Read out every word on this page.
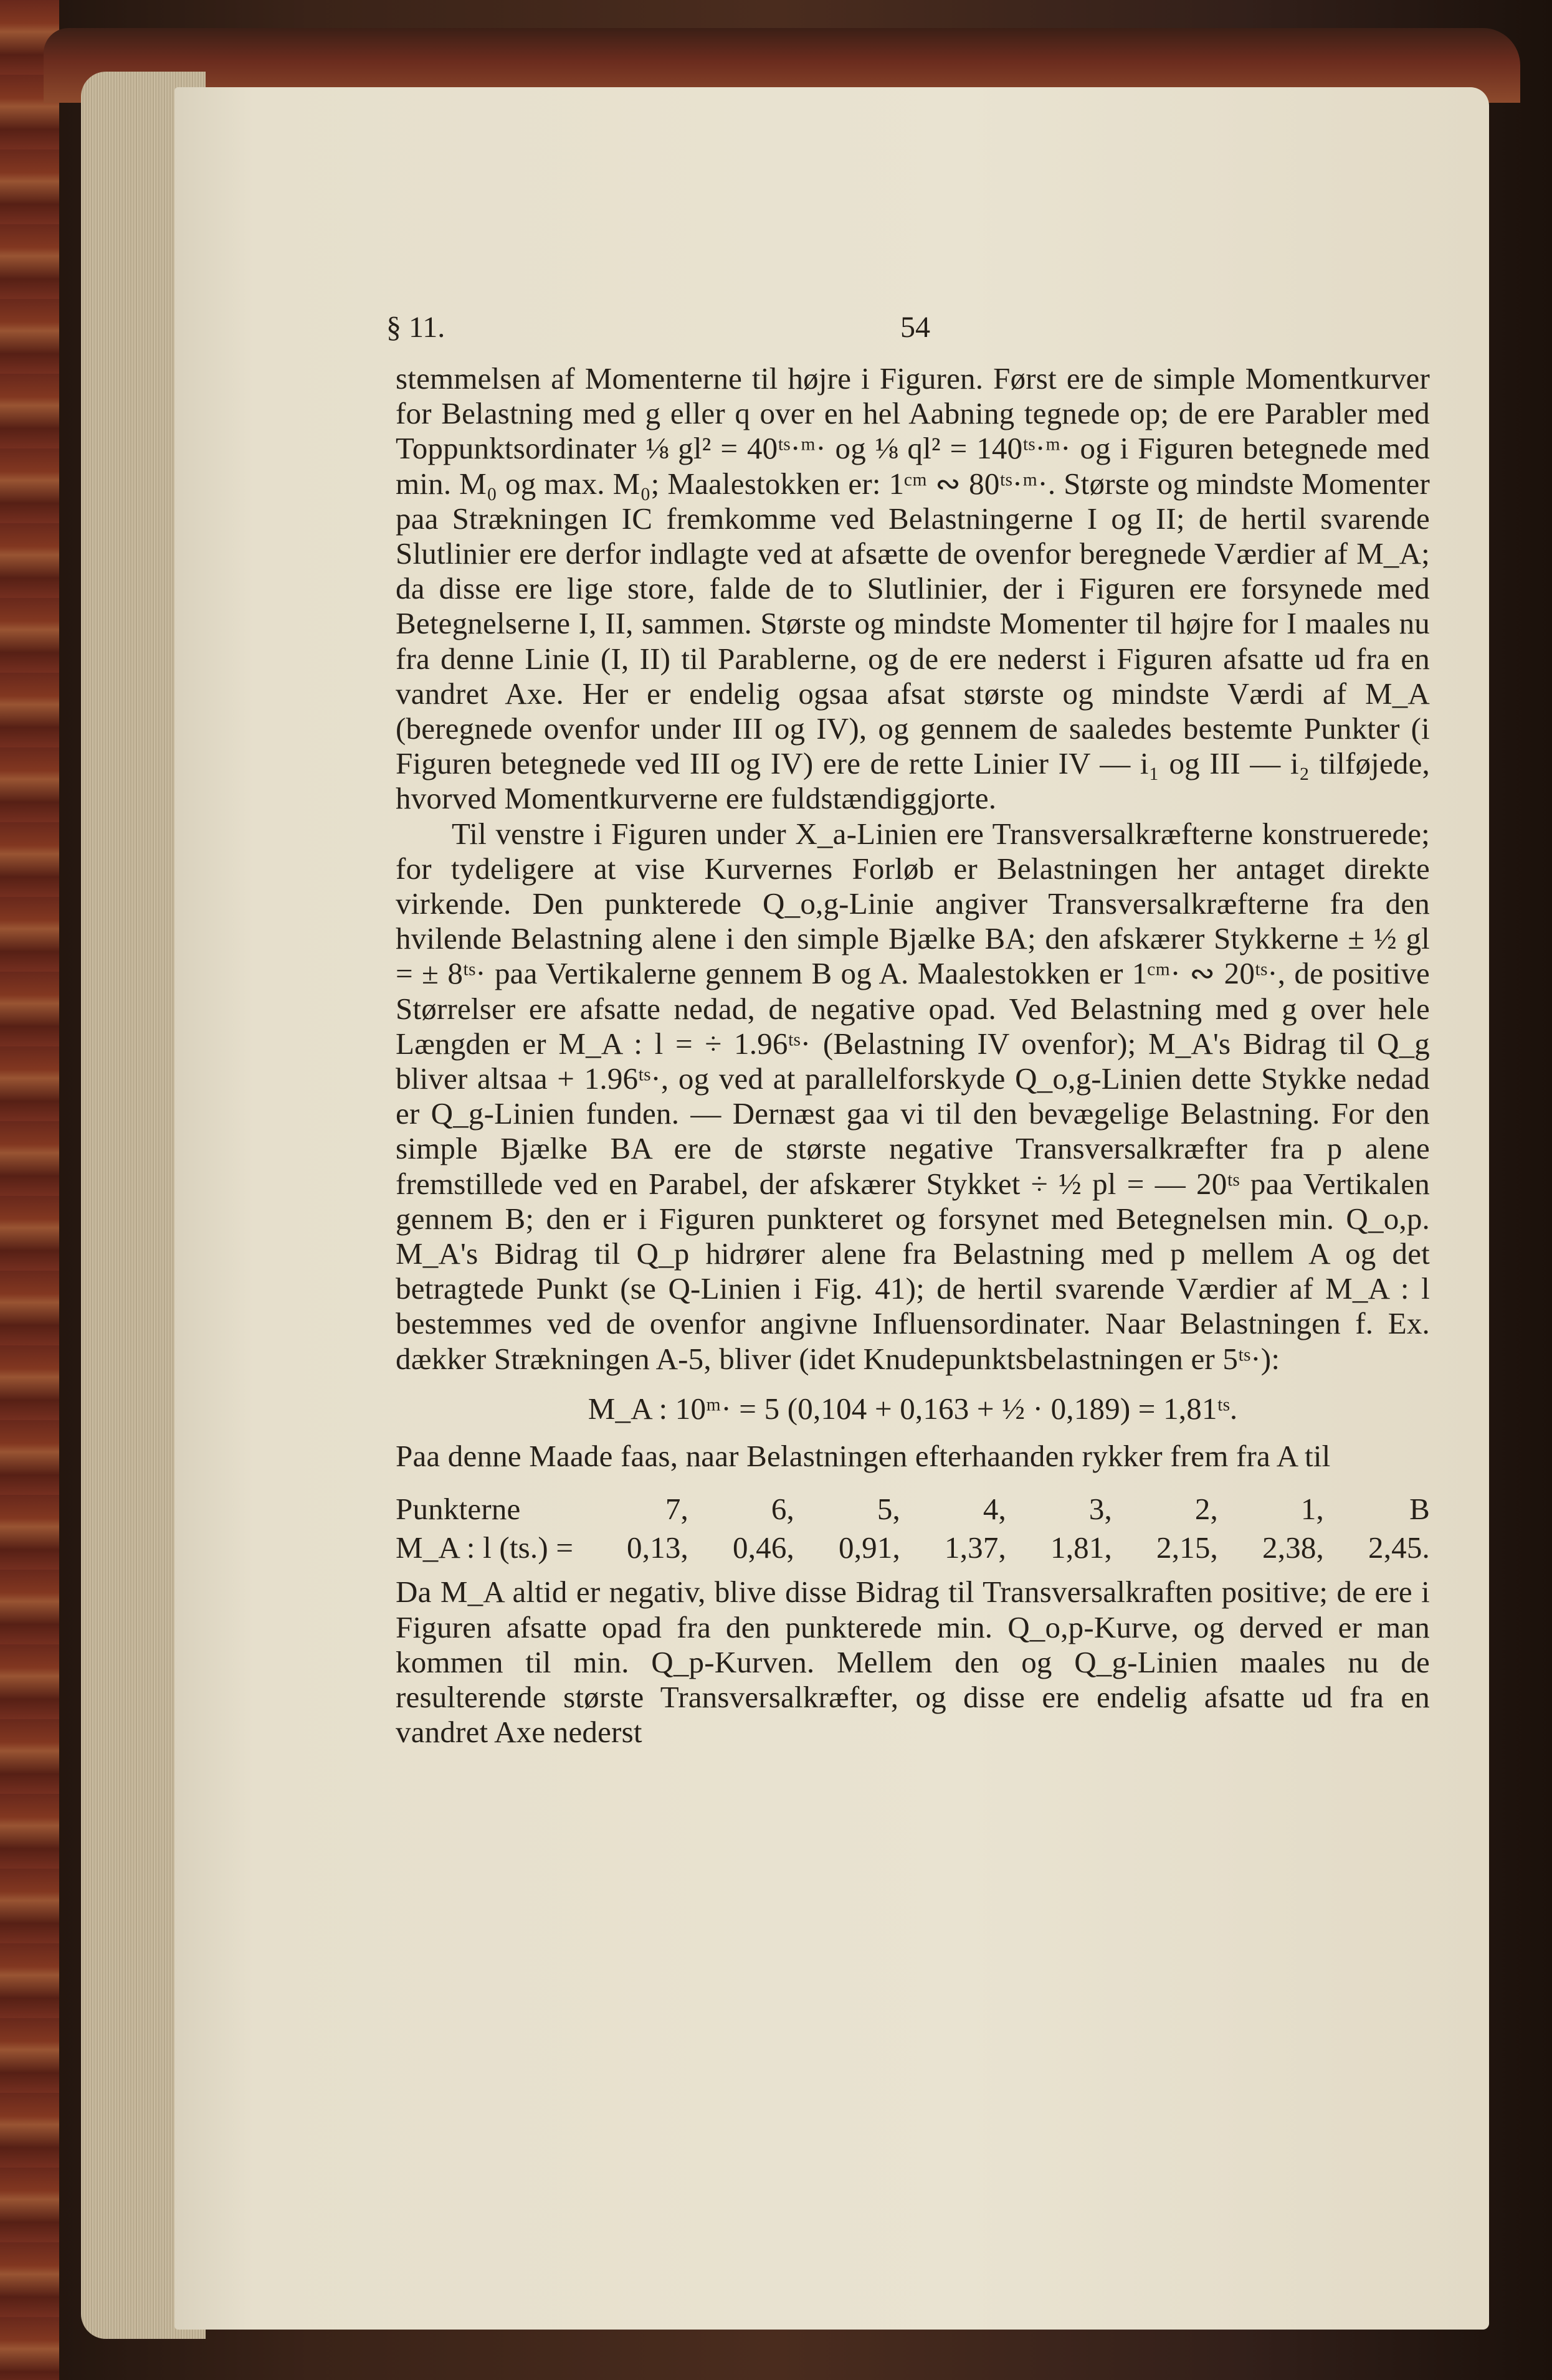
§ 11.	54

stemmelsen af Momenterne til højre i Figuren. Først ere de simple Momentkurver for Belastning med g eller q over en hel Aabning tegnede op; de ere Parabler med Toppunktsordinater ⅛ gl² = 40ᵗˢ·ᵐ· og ⅛ ql² = 140ᵗˢ·ᵐ· og i Figuren betegnede med min. M₀ og max. M₀; Maalestokken er: 1ᶜᵐ ∾ 80ᵗˢ·ᵐ·. Største og mindste Momenter paa Strækningen IC fremkomme ved Belastningerne I og II; de hertil svarende Slutlinier ere derfor indlagte ved at afsætte de ovenfor beregnede Værdier af M_A; da disse ere lige store, falde de to Slutlinier, der i Figuren ere forsynede med Betegnelserne I, II, sammen. Største og mindste Momenter til højre for I maales nu fra denne Linie (I, II) til Parablerne, og de ere nederst i Figuren afsatte ud fra en vandret Axe. Her er endelig ogsaa afsat største og mindste Værdi af M_A (beregnede ovenfor under III og IV), og gennem de saaledes bestemte Punkter (i Figuren betegnede ved III og IV) ere de rette Linier IV — i₁ og III — i₂ tilføjede, hvorved Momentkurverne ere fuldstændiggjorte.

Til venstre i Figuren under X_a-Linien ere Transversalkræfterne konstruerede; for tydeligere at vise Kurvernes Forløb er Belastningen her antaget direkte virkende. Den punkterede Q_o,g-Linie angiver Transversalkræfterne fra den hvilende Belastning alene i den simple Bjælke BA; den afskærer Stykkerne ± ½ gl = ± 8ᵗˢ· paa Vertikalerne gennem B og A. Maalestokken er 1ᶜᵐ· ∾ 20ᵗˢ·, de positive Størrelser ere afsatte nedad, de negative opad. Ved Belastning med g over hele Længden er M_A : l = ÷ 1.96ᵗˢ· (Belastning IV ovenfor); M_A's Bidrag til Q_g bliver altsaa + 1.96ᵗˢ·, og ved at parallelforskyde Q_o,g-Linien dette Stykke nedad er Q_g-Linien funden. — Dernæst gaa vi til den bevægelige Belastning. For den simple Bjælke BA ere de største negative Transversalkræfter fra p alene fremstillede ved en Parabel, der afskærer Stykket ÷ ½ pl = — 20ᵗˢ paa Vertikalen gennem B; den er i Figuren punkteret og forsynet med Betegnelsen min. Q_o,p. M_A's Bidrag til Q_p hidrører alene fra Belastning med p mellem A og det betragtede Punkt (se Q-Linien i Fig. 41); de hertil svarende Værdier af M_A : l bestemmes ved de ovenfor angivne Influensordinater. Naar Belastningen f. Ex. dækker Strækningen A-5, bliver (idet Knudepunktsbelastningen er 5ᵗˢ·):

M_A : 10ᵐ· = 5 (0,104 + 0,163 + ½ · 0,189) = 1,81ᵗˢ.

Paa denne Maade faas, naar Belastningen efterhaanden rykker frem fra A til

Punkterne	7,	6,	5,	4,	3,	2,	1,	B
M_A : l (ts.) =	0,13,	0,46,	0,91,	1,37,	1,81,	2,15,	2,38,	2,45.

Da M_A altid er negativ, blive disse Bidrag til Transversalkraften positive; de ere i Figuren afsatte opad fra den punkterede min. Q_o,p-Kurve, og derved er man kommen til min. Q_p-Kurven. Mellem den og Q_g-Linien maales nu de resulterende største Transversalkræfter, og disse ere endelig afsatte ud fra en vandret Axe nederst
